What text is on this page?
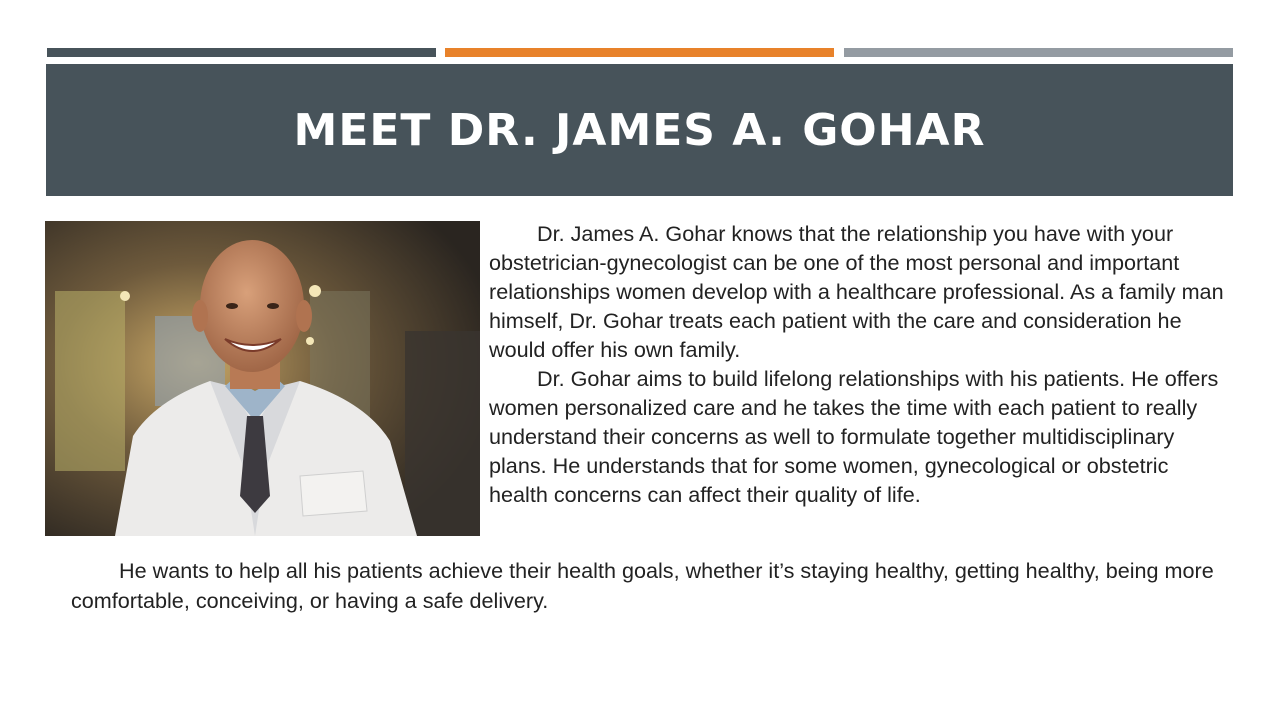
MEET DR. JAMES A. GOHAR

Dr. James A. Gohar knows that the relationship you have with your obstetrician-gynecologist can be one of the most personal and important relationships women develop with a healthcare professional. As a family man himself, Dr. Gohar treats each patient with the care and consideration he would offer his own family.

Dr. Gohar aims to build lifelong relationships with his patients. He offers women personalized care and he takes the time with each patient to really understand their concerns as well to formulate together multidisciplinary plans. He understands that for some women, gynecological or obstetric health concerns can affect their quality of life.

He wants to help all his patients achieve their health goals, whether it’s staying healthy, getting healthy, being more comfortable, conceiving, or having a safe delivery.
